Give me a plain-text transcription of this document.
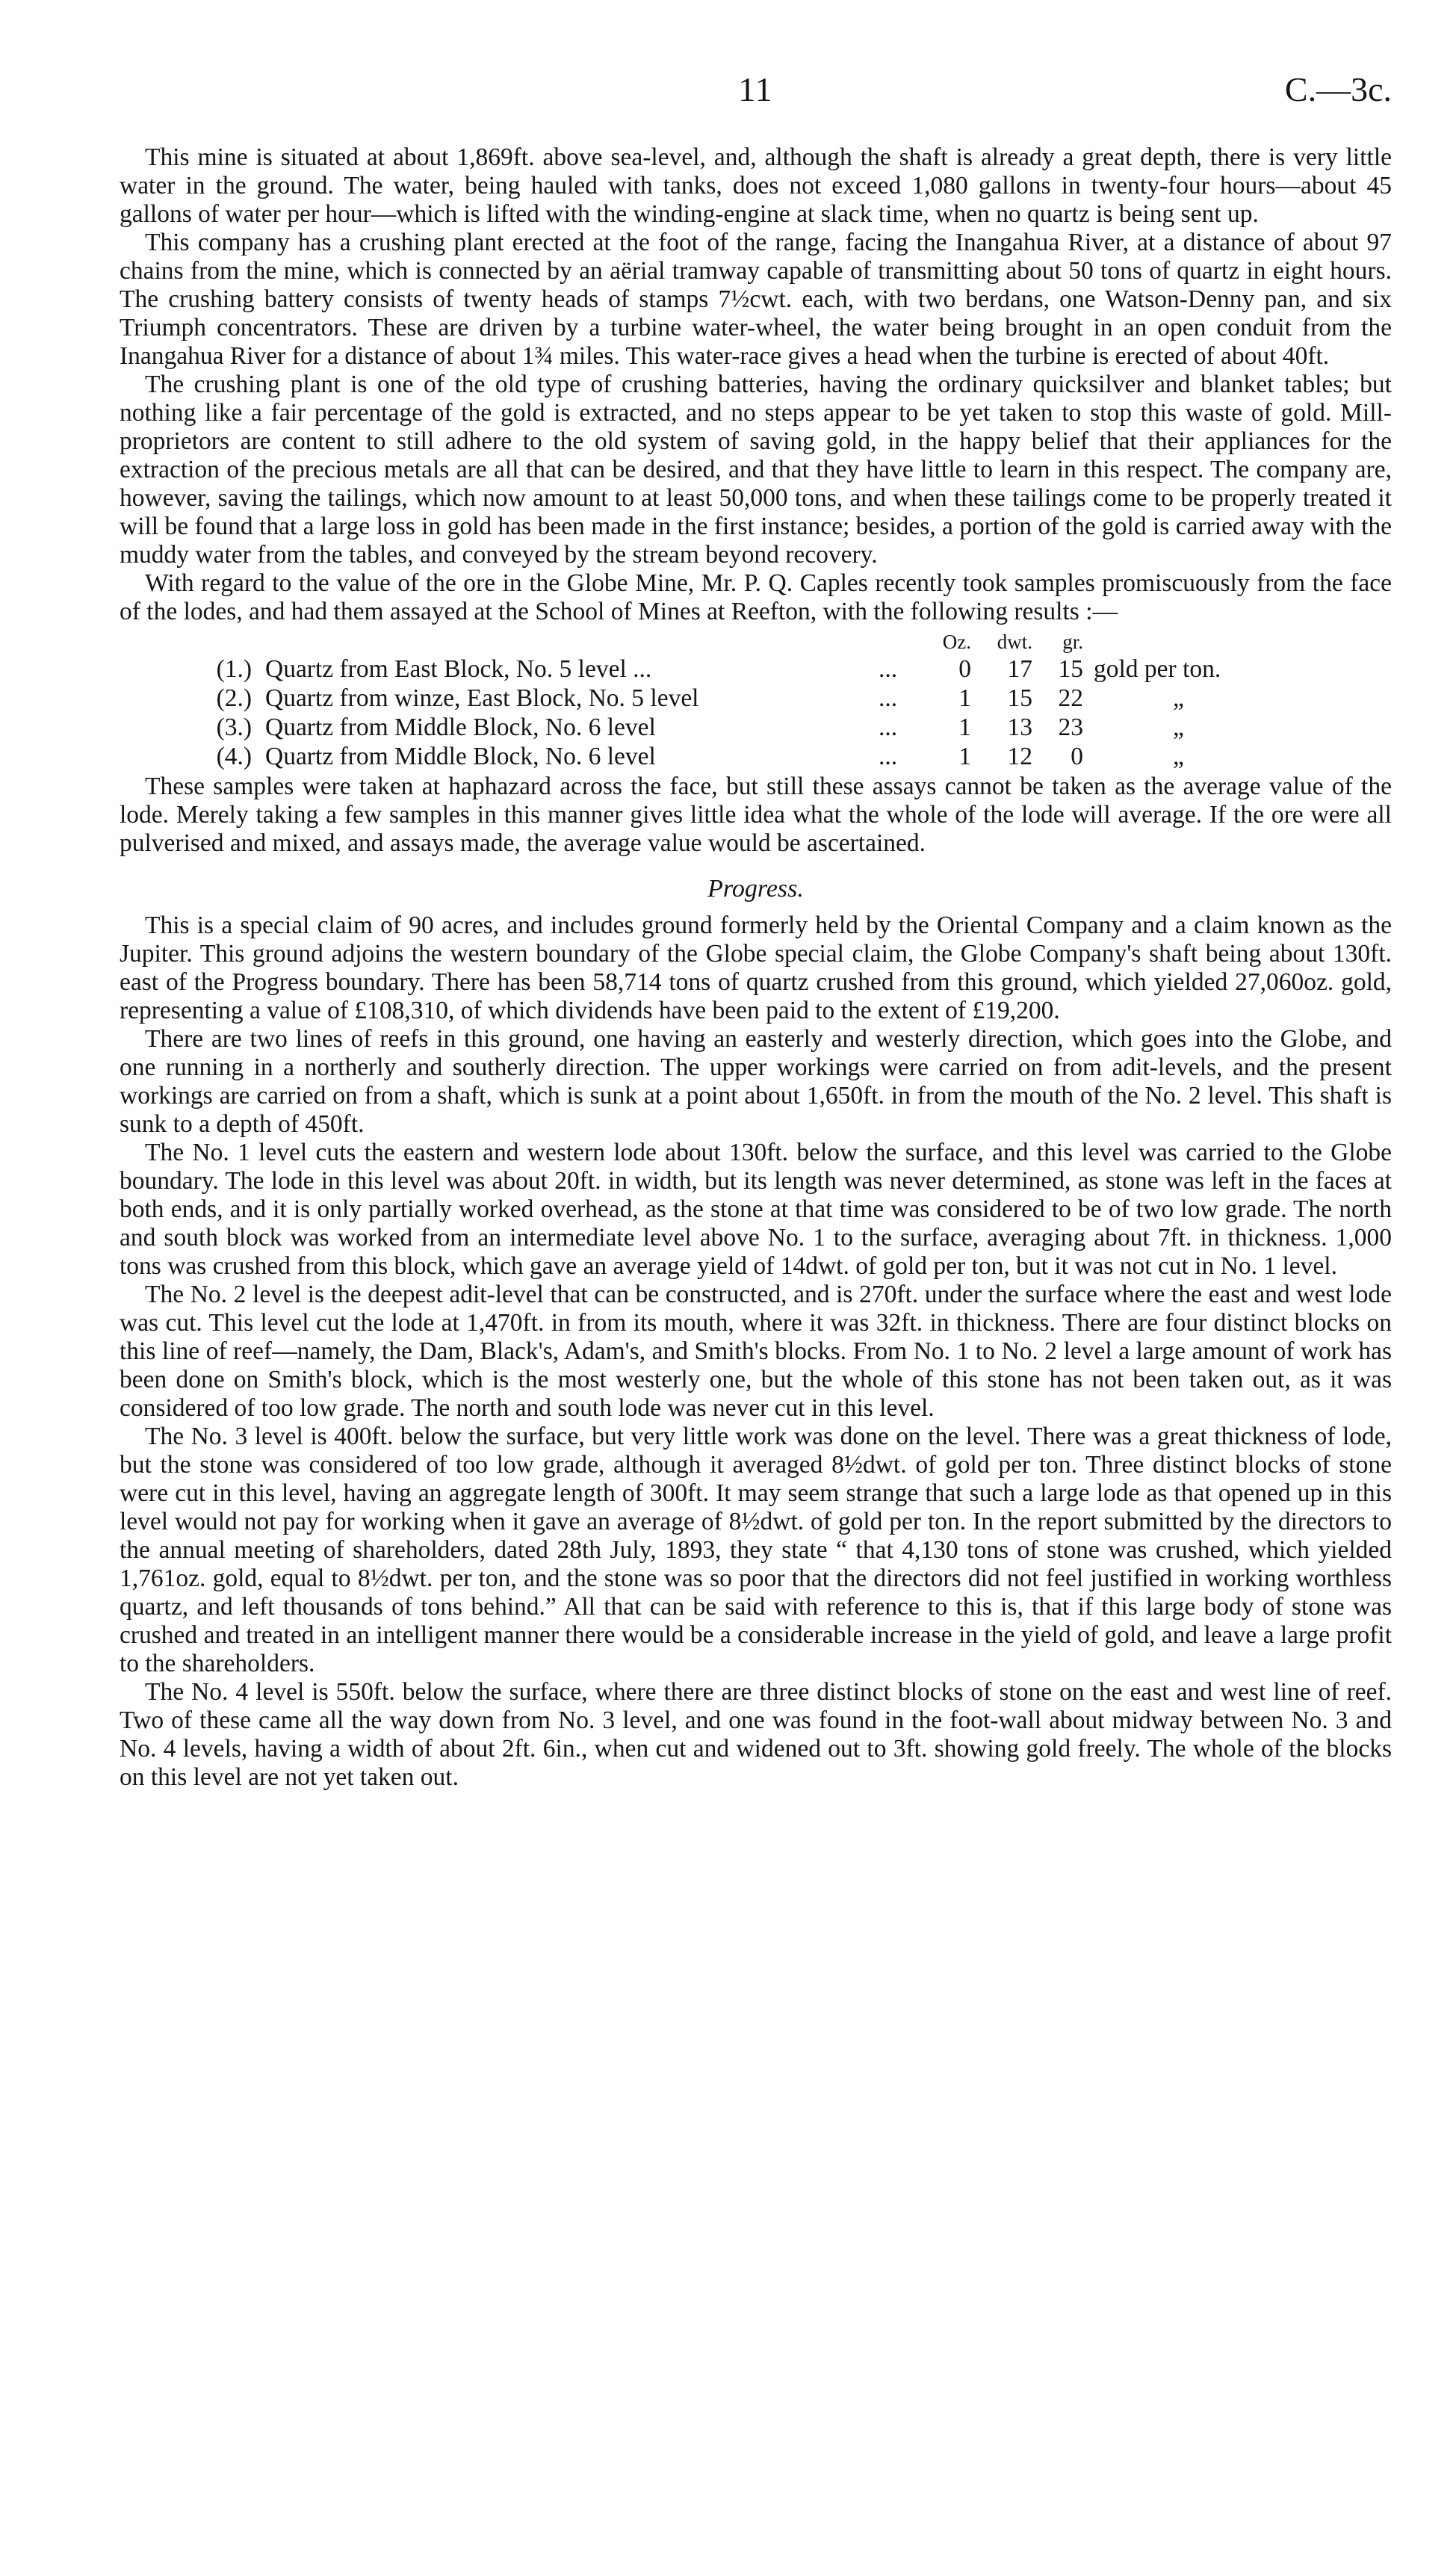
11	C.—3c.

This mine is situated at about 1,869ft. above sea-level, and, although the shaft is already a great depth, there is very little water in the ground. The water, being hauled with tanks, does not exceed 1,080 gallons in twenty-four hours—about 45 gallons of water per hour—which is lifted with the winding-engine at slack time, when no quartz is being sent up.

This company has a crushing plant erected at the foot of the range, facing the Inangahua River, at a distance of about 97 chains from the mine, which is connected by an aërial tramway capable of transmitting about 50 tons of quartz in eight hours. The crushing battery consists of twenty heads of stamps 7½cwt. each, with two berdans, one Watson-Denny pan, and six Triumph concentrators. These are driven by a turbine water-wheel, the water being brought in an open conduit from the Inangahua River for a distance of about 1¾ miles. This water-race gives a head when the turbine is erected of about 40ft.

The crushing plant is one of the old type of crushing batteries, having the ordinary quicksilver and blanket tables; but nothing like a fair percentage of the gold is extracted, and no steps appear to be yet taken to stop this waste of gold. Mill-proprietors are content to still adhere to the old system of saving gold, in the happy belief that their appliances for the extraction of the precious metals are all that can be desired, and that they have little to learn in this respect. The company are, however, saving the tailings, which now amount to at least 50,000 tons, and when these tailings come to be properly treated it will be found that a large loss in gold has been made in the first instance; besides, a portion of the gold is carried away with the muddy water from the tables, and conveyed by the stream beyond recovery.

With regard to the value of the ore in the Globe Mine, Mr. P. Q. Caples recently took samples promiscuously from the face of the lodes, and had them assayed at the School of Mines at Reefton, with the following results :—

Oz.	dwt.	gr.
(1.) Quartz from East Block, No. 5 level ...	...	0	17	15 gold per ton.
(2.) Quartz from winze, East Block, No. 5 level	...	1	15	22	„
(3.) Quartz from Middle Block, No. 6 level	...	1	13	23	„
(4.) Quartz from Middle Block, No. 6 level	...	1	12	0	„

These samples were taken at haphazard across the face, but still these assays cannot be taken as the average value of the lode. Merely taking a few samples in this manner gives little idea what the whole of the lode will average. If the ore were all pulverised and mixed, and assays made, the average value would be ascertained.

Progress.

This is a special claim of 90 acres, and includes ground formerly held by the Oriental Company and a claim known as the Jupiter. This ground adjoins the western boundary of the Globe special claim, the Globe Company's shaft being about 130ft. east of the Progress boundary. There has been 58,714 tons of quartz crushed from this ground, which yielded 27,060oz. gold, representing a value of £108,310, of which dividends have been paid to the extent of £19,200.

There are two lines of reefs in this ground, one having an easterly and westerly direction, which goes into the Globe, and one running in a northerly and southerly direction. The upper workings were carried on from adit-levels, and the present workings are carried on from a shaft, which is sunk at a point about 1,650ft. in from the mouth of the No. 2 level. This shaft is sunk to a depth of 450ft.

The No. 1 level cuts the eastern and western lode about 130ft. below the surface, and this level was carried to the Globe boundary. The lode in this level was about 20ft. in width, but its length was never determined, as stone was left in the faces at both ends, and it is only partially worked overhead, as the stone at that time was considered to be of two low grade. The north and south block was worked from an intermediate level above No. 1 to the surface, averaging about 7ft. in thickness. 1,000 tons was crushed from this block, which gave an average yield of 14dwt. of gold per ton, but it was not cut in No. 1 level.

The No. 2 level is the deepest adit-level that can be constructed, and is 270ft. under the surface where the east and west lode was cut. This level cut the lode at 1,470ft. in from its mouth, where it was 32ft. in thickness. There are four distinct blocks on this line of reef—namely, the Dam, Black's, Adam's, and Smith's blocks. From No. 1 to No. 2 level a large amount of work has been done on Smith's block, which is the most westerly one, but the whole of this stone has not been taken out, as it was considered of too low grade. The north and south lode was never cut in this level.

The No. 3 level is 400ft. below the surface, but very little work was done on the level. There was a great thickness of lode, but the stone was considered of too low grade, although it averaged 8½dwt. of gold per ton. Three distinct blocks of stone were cut in this level, having an aggregate length of 300ft. It may seem strange that such a large lode as that opened up in this level would not pay for working when it gave an average of 8½dwt. of gold per ton. In the report submitted by the directors to the annual meeting of shareholders, dated 28th July, 1893, they state “ that 4,130 tons of stone was crushed, which yielded 1,761oz. gold, equal to 8½dwt. per ton, and the stone was so poor that the directors did not feel justified in working worthless quartz, and left thousands of tons behind.” All that can be said with reference to this is, that if this large body of stone was crushed and treated in an intelligent manner there would be a considerable increase in the yield of gold, and leave a large profit to the shareholders.

The No. 4 level is 550ft. below the surface, where there are three distinct blocks of stone on the east and west line of reef. Two of these came all the way down from No. 3 level, and one was found in the foot-wall about midway between No. 3 and No. 4 levels, having a width of about 2ft. 6in., when cut and widened out to 3ft. showing gold freely. The whole of the blocks on this level are not yet taken out.
